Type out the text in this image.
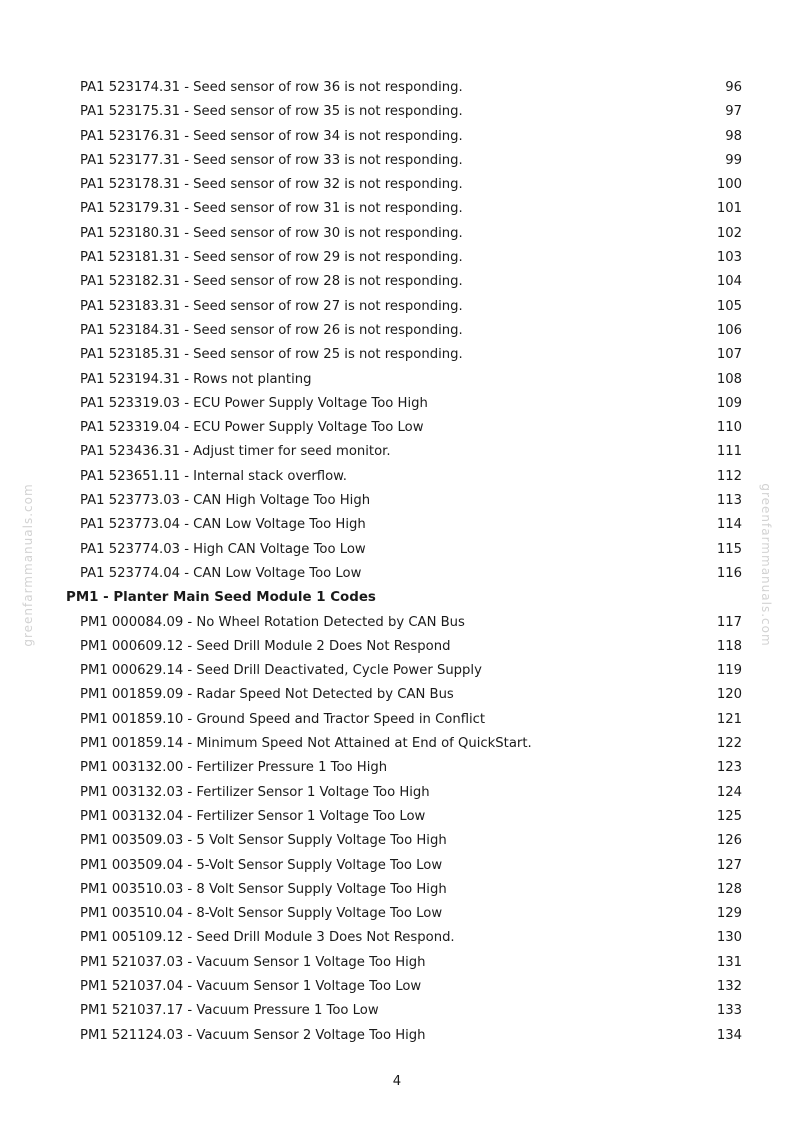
greenfarmmanuals.com	greenfarmmanuals.com
PA1 523174.31 - Seed sensor of row 36 is not responding.	96
PA1 523175.31 - Seed sensor of row 35 is not responding.	97
PA1 523176.31 - Seed sensor of row 34 is not responding.	98
PA1 523177.31 - Seed sensor of row 33 is not responding.	99
PA1 523178.31 - Seed sensor of row 32 is not responding.	100
PA1 523179.31 - Seed sensor of row 31 is not responding.	101
PA1 523180.31 - Seed sensor of row 30 is not responding.	102
PA1 523181.31 - Seed sensor of row 29 is not responding.	103
PA1 523182.31 - Seed sensor of row 28 is not responding.	104
PA1 523183.31 - Seed sensor of row 27 is not responding.	105
PA1 523184.31 - Seed sensor of row 26 is not responding.	106
PA1 523185.31 - Seed sensor of row 25 is not responding.	107
PA1 523194.31 - Rows not planting	108
PA1 523319.03 - ECU Power Supply Voltage Too High	109
PA1 523319.04 - ECU Power Supply Voltage Too Low	110
PA1 523436.31 - Adjust timer for seed monitor.	111
PA1 523651.11 - Internal stack overflow.	112
PA1 523773.03 - CAN High Voltage Too High	113
PA1 523773.04 - CAN Low Voltage Too High	114
PA1 523774.03 - High CAN Voltage Too Low	115
PA1 523774.04 - CAN Low Voltage Too Low	116
PM1 - Planter Main Seed Module 1 Codes
PM1 000084.09 - No Wheel Rotation Detected by CAN Bus	117
PM1 000609.12 - Seed Drill Module 2 Does Not Respond	118
PM1 000629.14 - Seed Drill Deactivated, Cycle Power Supply	119
PM1 001859.09 - Radar Speed Not Detected by CAN Bus	120
PM1 001859.10 - Ground Speed and Tractor Speed in Conflict	121
PM1 001859.14 - Minimum Speed Not Attained at End of QuickStart.	122
PM1 003132.00 - Fertilizer Pressure 1 Too High	123
PM1 003132.03 - Fertilizer Sensor 1 Voltage Too High	124
PM1 003132.04 - Fertilizer Sensor 1 Voltage Too Low	125
PM1 003509.03 - 5 Volt Sensor Supply Voltage Too High	126
PM1 003509.04 - 5-Volt Sensor Supply Voltage Too Low	127
PM1 003510.03 - 8 Volt Sensor Supply Voltage Too High	128
PM1 003510.04 - 8-Volt Sensor Supply Voltage Too Low	129
PM1 005109.12 - Seed Drill Module 3 Does Not Respond.	130
PM1 521037.03 - Vacuum Sensor 1 Voltage Too High	131
PM1 521037.04 - Vacuum Sensor 1 Voltage Too Low	132
PM1 521037.17 - Vacuum Pressure 1 Too Low	133
PM1 521124.03 - Vacuum Sensor 2 Voltage Too High	134
4
